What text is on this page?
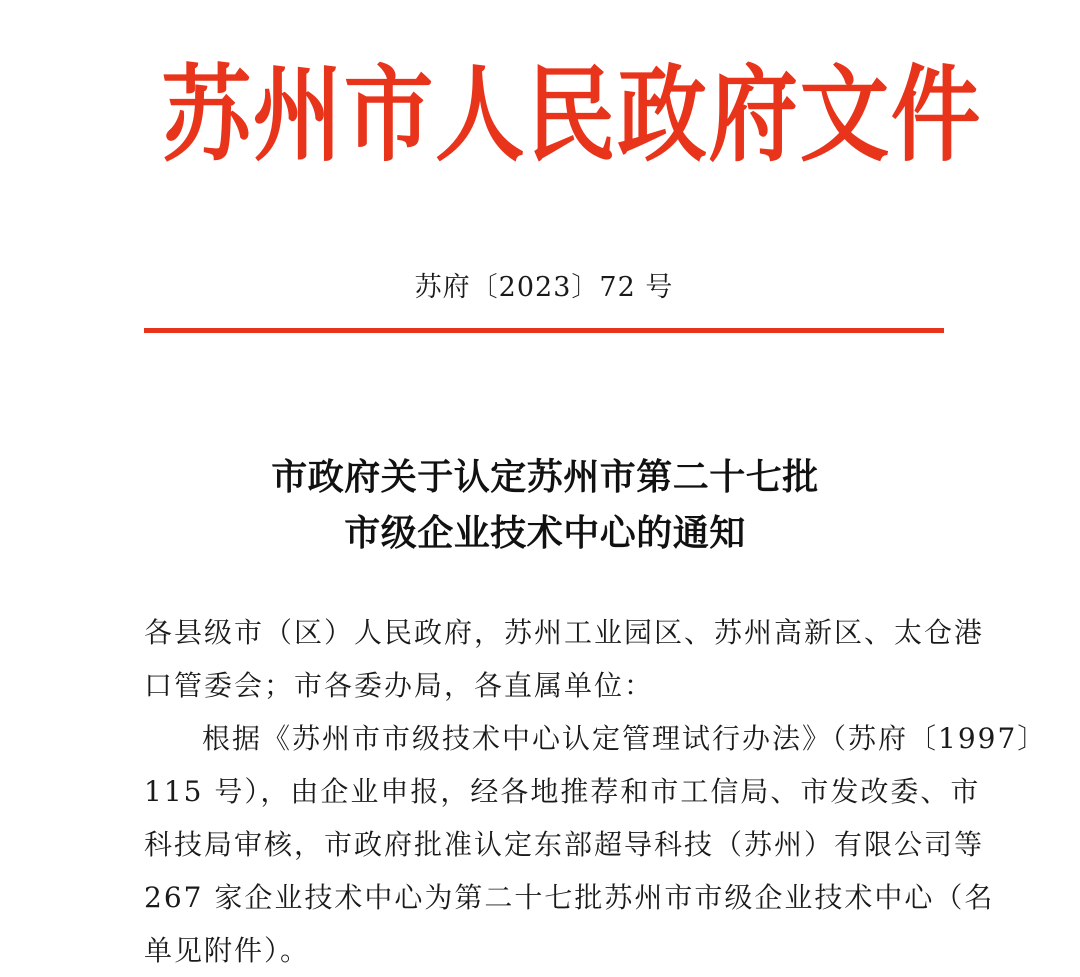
苏州市人民政府文件
苏府〔2023〕72 号
市政府关于认定苏州市第二十七批
市级企业技术中心的通知
各县级市（区）人民政府，苏州工业园区、苏州高新区、太仓港
口管委会；市各委办局，各直属单位：
根据《苏州市市级技术中心认定管理试行办法》（苏府〔1997〕
115 号），由企业申报，经各地推荐和市工信局、市发改委、市
科技局审核，市政府批准认定东部超导科技（苏州）有限公司等
267 家企业技术中心为第二十七批苏州市市级企业技术中心（名
单见附件）。
